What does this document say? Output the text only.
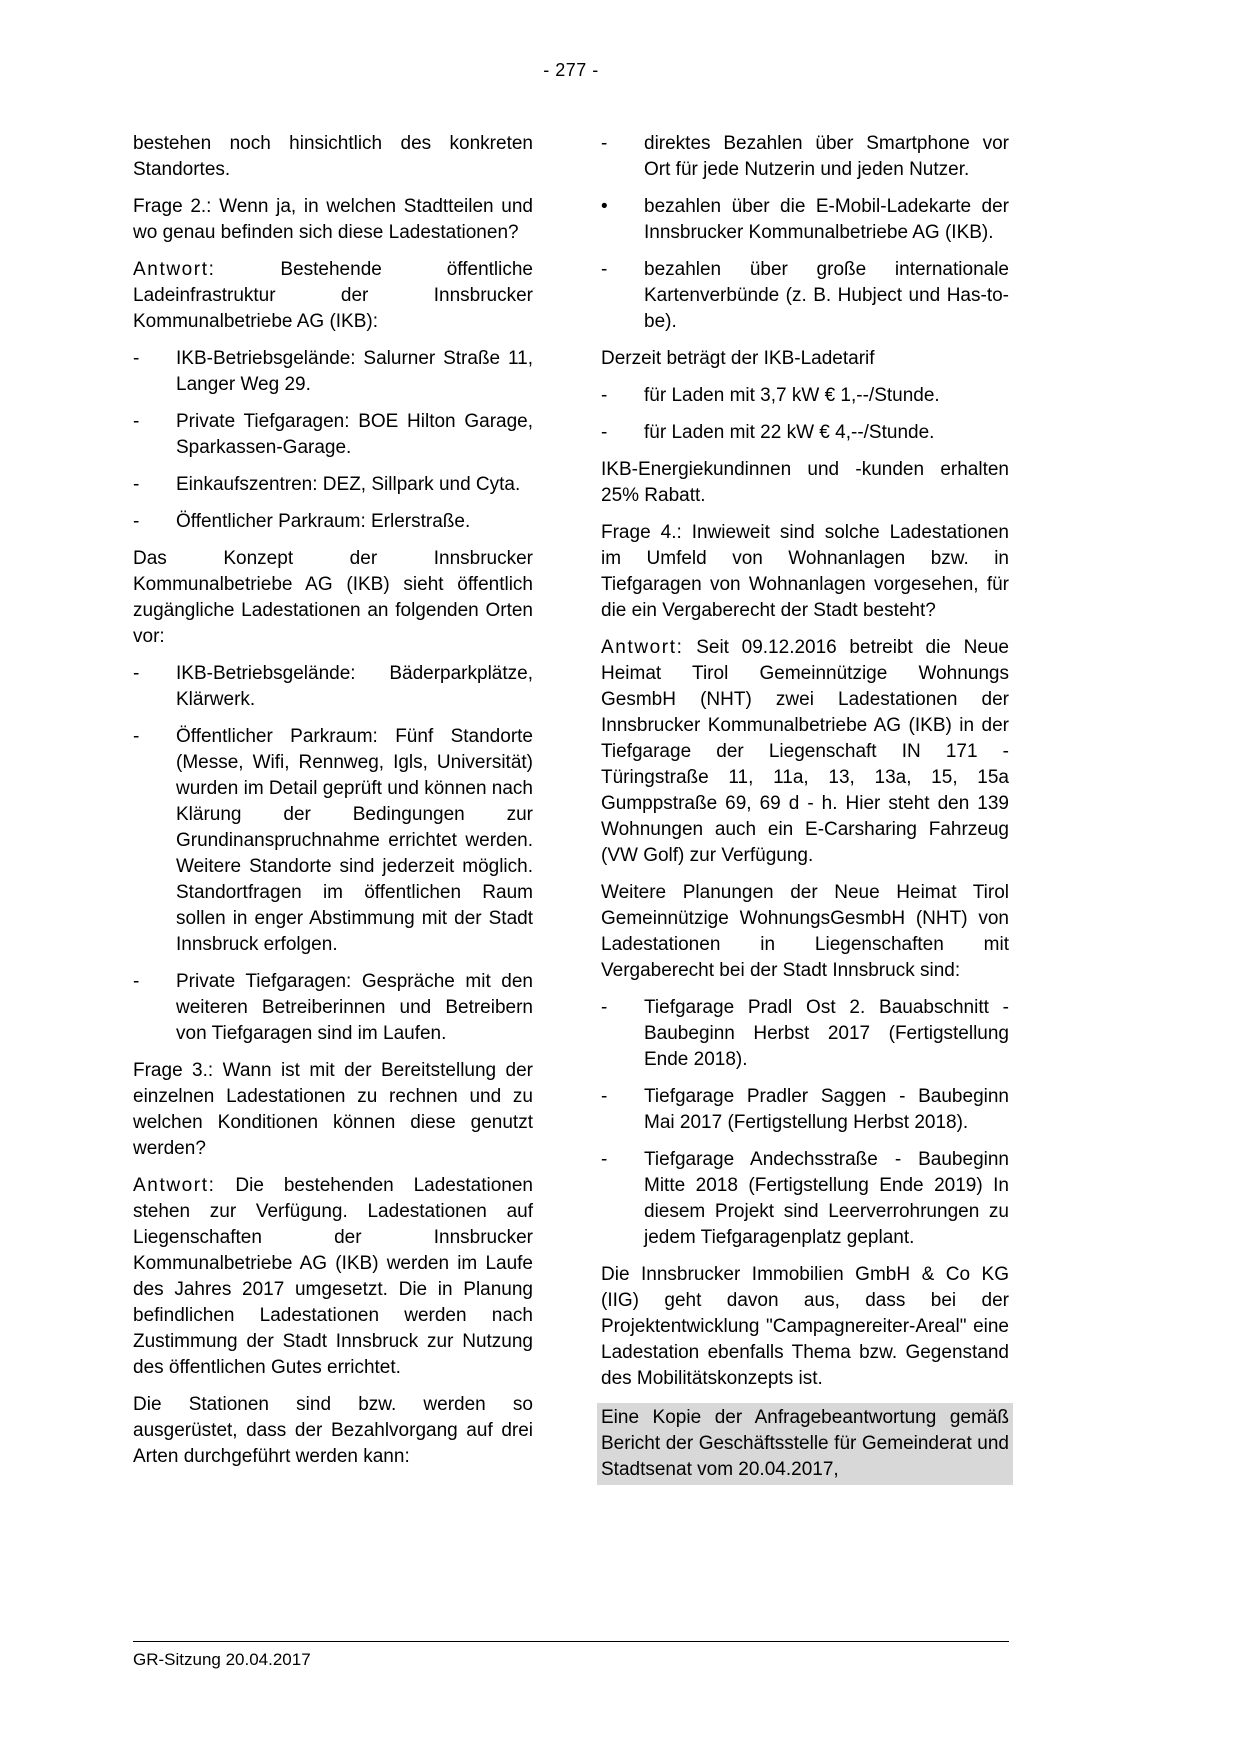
- 277 -

bestehen noch hinsichtlich des konkreten Standortes.

Frage 2.: Wenn ja, in welchen Stadtteilen und wo genau befinden sich diese Ladestationen?

Antwort:	Bestehende öffentliche Ladeinfrastruktur der Innsbrucker Kommunalbetriebe AG (IKB):

-	IKB-Betriebsgelände: Salurner Straße 11, Langer Weg 29.
-	Private Tiefgaragen: BOE Hilton Garage, Sparkassen-Garage.
-	Einkaufszentren: DEZ, Sillpark und Cyta.
-	Öffentlicher Parkraum: Erlerstraße.

Das Konzept der Innsbrucker Kommunalbetriebe AG (IKB) sieht öffentlich zugängliche Ladestationen an folgenden Orten vor:

-	IKB-Betriebsgelände: Bäderparkplätze, Klärwerk.
-	Öffentlicher Parkraum: Fünf Standorte (Messe, Wifi, Rennweg, Igls, Universität) wurden im Detail geprüft und können nach Klärung der Bedingungen zur Grundinanspruchnahme errichtet werden. Weitere Standorte sind jederzeit möglich. Standortfragen im öffentlichen Raum sollen in enger Abstimmung mit der Stadt Innsbruck erfolgen.
-	Private Tiefgaragen: Gespräche mit den weiteren Betreiberinnen und Betreibern von Tiefgaragen sind im Laufen.

Frage 3.: Wann ist mit der Bereitstellung der einzelnen Ladestationen zu rechnen und zu welchen Konditionen können diese genutzt werden?

Antwort: Die bestehenden Ladestationen stehen zur Verfügung. Ladestationen auf Liegenschaften der Innsbrucker Kommunalbetriebe AG (IKB) werden im Laufe des Jahres 2017 umgesetzt. Die in Planung befindlichen Ladestationen werden nach Zustimmung der Stadt Innsbruck zur Nutzung des öffentlichen Gutes errichtet.

Die Stationen sind bzw. werden so ausgerüstet, dass der Bezahlvorgang auf drei Arten durchgeführt werden kann:

-	direktes Bezahlen über Smartphone vor Ort für jede Nutzerin und jeden Nutzer.
•	bezahlen über die E-Mobil-Ladekarte der Innsbrucker Kommunalbetriebe AG (IKB).
-	bezahlen über große internationale Kartenverbünde (z. B. Hubject und Has-to-be).

Derzeit beträgt der IKB-Ladetarif

-	für Laden mit 3,7 kW € 1,--/Stunde.
-	für Laden mit 22 kW € 4,--/Stunde.

IKB-Energiekundinnen und -kunden erhalten 25% Rabatt.

Frage 4.: Inwieweit sind solche Ladestationen im Umfeld von Wohnanlagen bzw. in Tiefgaragen von Wohnanlagen vorgesehen, für die ein Vergaberecht der Stadt besteht?

Antwort: Seit 09.12.2016 betreibt die Neue Heimat Tirol Gemeinnützige Wohnungs GesmbH (NHT) zwei Ladestationen der Innsbrucker Kommunalbetriebe AG (IKB) in der Tiefgarage der Liegenschaft IN 171 - Türingstraße 11, 11a, 13, 13a, 15, 15a Gumppstraße 69, 69 d - h. Hier steht den 139 Wohnungen auch ein E-Carsharing Fahrzeug (VW Golf) zur Verfügung.

Weitere Planungen der Neue Heimat Tirol Gemeinnützige WohnungsGesmbH (NHT) von Ladestationen in Liegenschaften mit Vergaberecht bei der Stadt Innsbruck sind:

-	Tiefgarage Pradl Ost 2. Bauabschnitt - Baubeginn Herbst 2017 (Fertigstellung Ende 2018).
-	Tiefgarage Pradler Saggen - Baubeginn Mai 2017 (Fertigstellung Herbst 2018).
-	Tiefgarage Andechsstraße - Baubeginn Mitte 2018 (Fertigstellung Ende 2019) In diesem Projekt sind Leerverrohrungen zu jedem Tiefgaragenplatz geplant.

Die Innsbrucker Immobilien GmbH & Co KG (IIG) geht davon aus, dass bei der Projektentwicklung "Campagnereiter-Areal" eine Ladestation ebenfalls Thema bzw. Gegenstand des Mobilitätskonzepts ist.

Eine Kopie der Anfragebeantwortung gemäß Bericht der Geschäftsstelle für Gemeinderat und Stadtsenat vom 20.04.2017,

GR-Sitzung 20.04.2017
